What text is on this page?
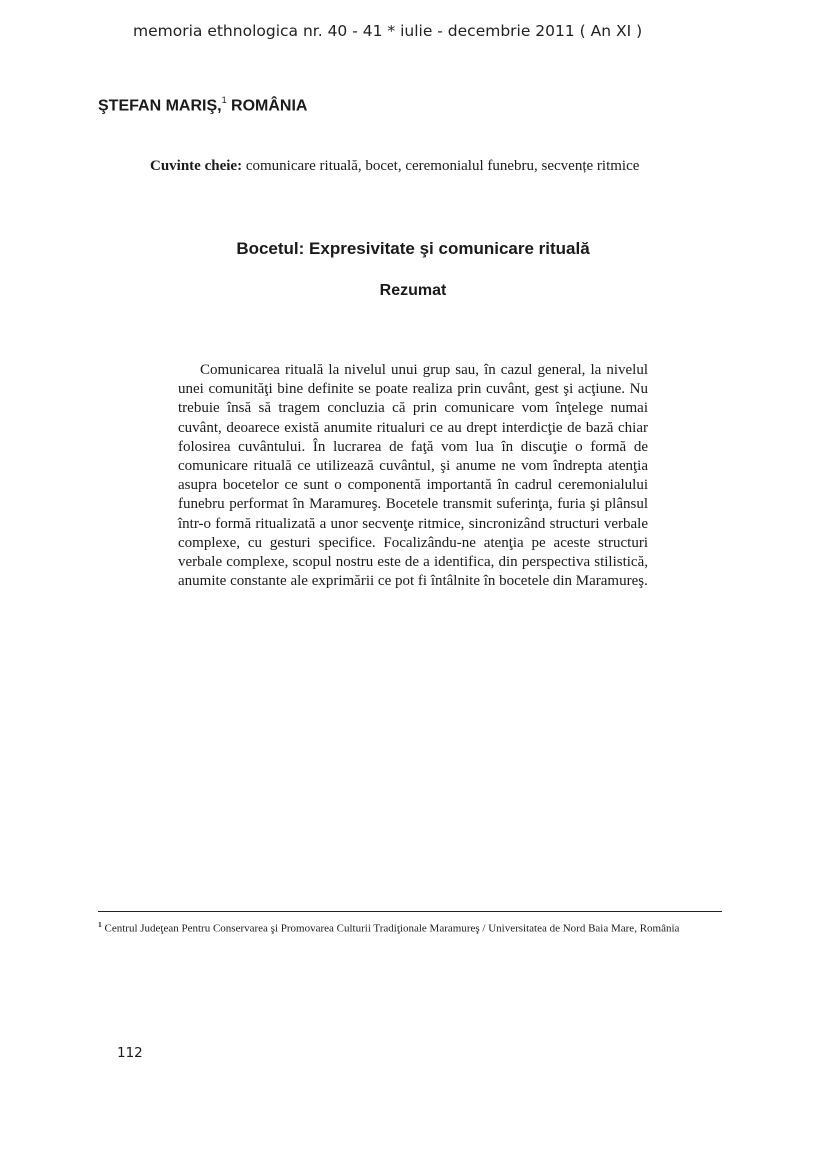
memoria ethnologica nr. 40 - 41 * iulie - decembrie 2011 ( An XI )
ŞTEFAN MARIŞ,$^1$ ROMÂNIA
Cuvinte cheie: comunicare rituală, bocet, ceremonialul funebru, secvențe ritmice
Bocetul: Expresivitate şi comunicare rituală
Rezumat
Comunicarea rituală la nivelul unui grup sau, în cazul general, la nivelul unei comunităţi bine definite se poate realiza prin cuvânt, gest şi acţiune. Nu trebuie însă să tragem concluzia că prin comunicare vom înţelege numai cuvânt, deoarece există anumite ritualuri ce au drept interdicţie de bază chiar folosirea cuvântului. În lucrarea de faţă vom lua în discuţie o formă de comunicare rituală ce utilizează cuvântul, şi anume ne vom îndrepta atenţia asupra bocetelor ce sunt o componentă importantă în cadrul ceremonialului funebru performat în Maramureş. Bocetele transmit suferinţa, furia şi plânsul într-o formă ritualizată a unor secvenţe ritmice, sincronizând structuri verbale complexe, cu gesturi specifice. Focalizându-ne atenţia pe aceste structuri verbale complexe, scopul nostru este de a identifica, din perspectiva stilistică, anumite constante ale exprimării ce pot fi întâlnite în bocetele din Maramureş.
$^1$ Centrul Judeţean Pentru Conservarea şi Promovarea Culturii Tradiţionale Maramureş / Universitatea de Nord Baia Mare, România
112
